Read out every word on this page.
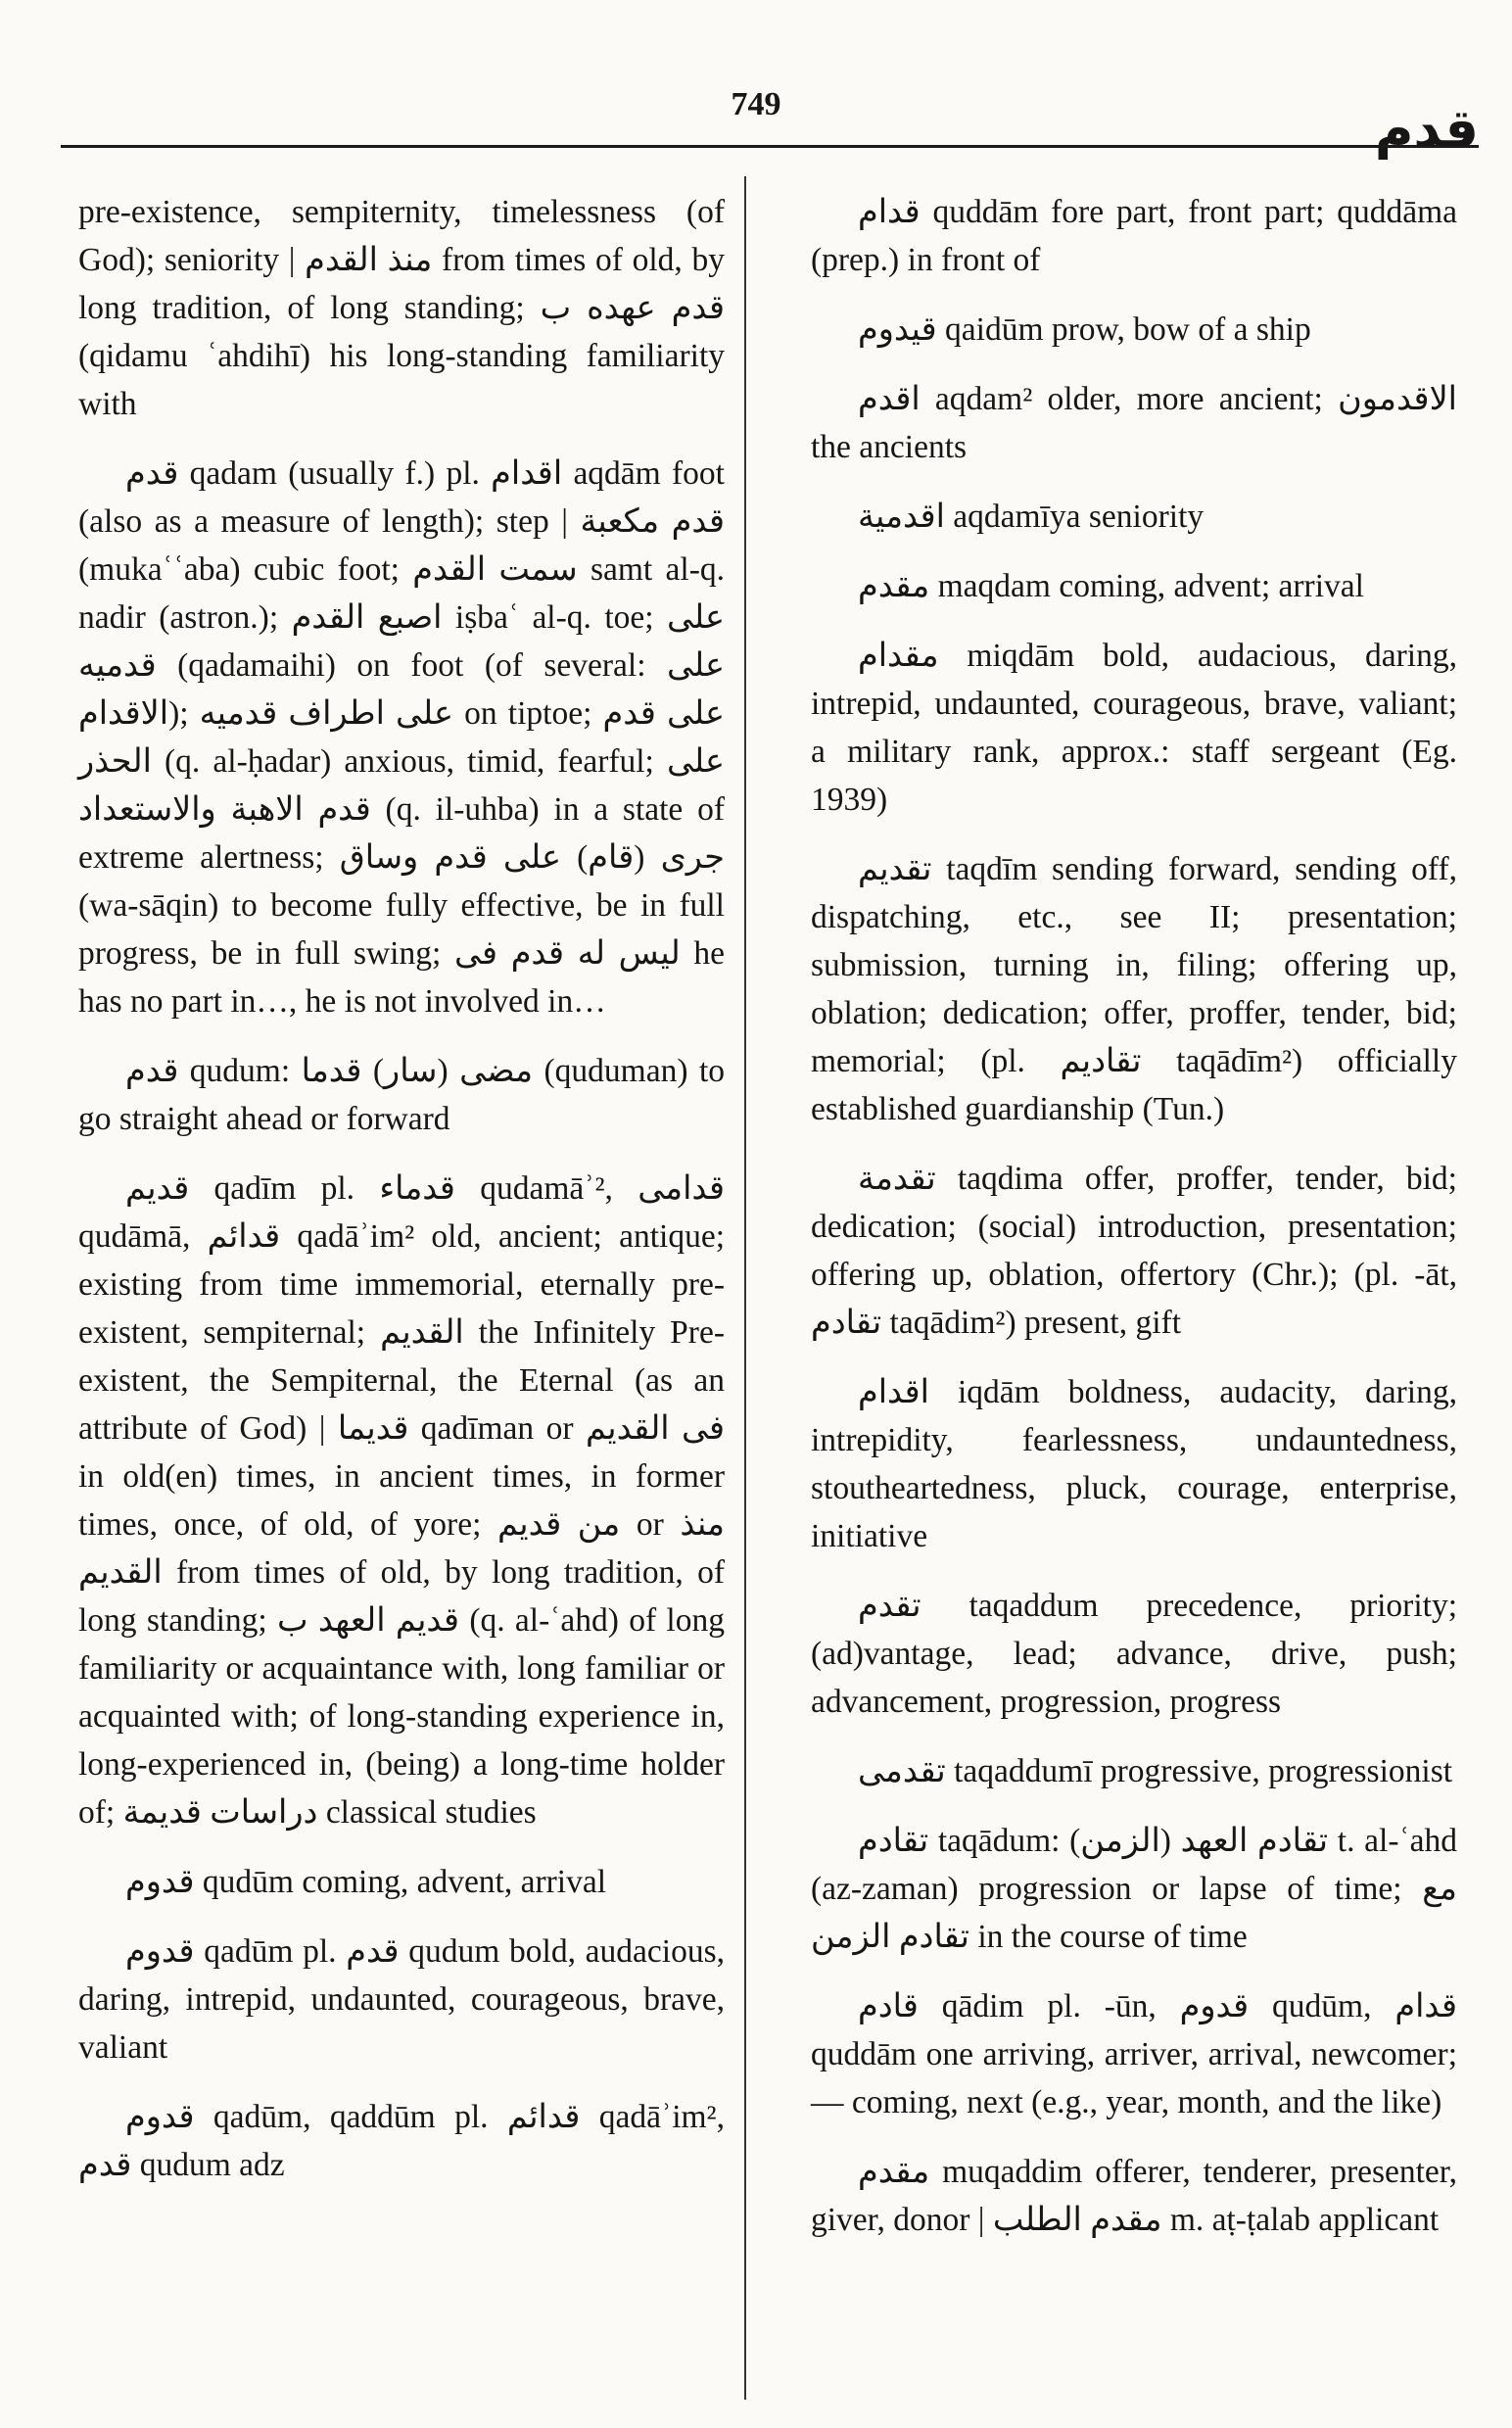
749	قدم

pre-existence, sempiternity, timelessness (of God); seniority | منذ القدم from times of old, by long tradition, of long standing; قدم عهده ب (qidamu ʿahdihī) his long-standing familiarity with

قدم qadam (usually f.) pl. اقدام aqdām foot (also as a measure of length); step | قدم مكعبة (mukaʿʿaba) cubic foot; سمت القدم samt al-q. nadir (astron.); اصبع القدم iṣbaʿ al-q. toe; على قدميه (qadamaihi) on foot (of several: على الاقدام); على اطراف قدميه on tiptoe; على قدم الحذر (q. al-ḥadar) anxious, timid, fearful; على قدم الاهبة والاستعداد (q. il-uhba) in a state of extreme alertness; جرى (قام) على قدم وساق (wa-sāqin) to become fully effective, be in full progress, be in full swing; ليس له قدم فى he has no part in…, he is not involved in…

قدم qudum: مضى (سار) قدما (quduman) to go straight ahead or forward

قديم qadīm pl. قدماء qudamāʾ², قدامى qudāmā, قدائم qadāʾim² old, ancient; antique; existing from time immemorial, eternally pre-existent, sempiternal; القديم the Infinitely Pre-existent, the Sempiternal, the Eternal (as an attribute of God) | قديما qadīman or فى القديم in old(en) times, in ancient times, in former times, once, of old, of yore; من قديم or منذ القديم from times of old, by long tradition, of long standing; قديم العهد ب (q. al-ʿahd) of long familiarity or acquaintance with, long familiar or acquainted with; of long-standing experience in, long-experienced in, (being) a long-time holder of; دراسات قديمة classical studies

قدوم qudūm coming, advent, arrival

قدوم qadūm pl. قدم qudum bold, audacious, daring, intrepid, undaunted, courageous, brave, valiant

قدوم qadūm, qaddūm pl. قدائم qadāʾim², قدم qudum adz

قدام quddām fore part, front part; quddāma (prep.) in front of

قيدوم qaidūm prow, bow of a ship

اقدم aqdam² older, more ancient; الاقدمون the ancients

اقدمية aqdamīya seniority

مقدم maqdam coming, advent; arrival

مقدام miqdām bold, audacious, daring, intrepid, undaunted, courageous, brave, valiant; a military rank, approx.: staff sergeant (Eg. 1939)

تقديم taqdīm sending forward, sending off, dispatching, etc., see II; presentation; submission, turning in, filing; offering up, oblation; dedication; offer, proffer, tender, bid; memorial; (pl. تقاديم taqādīm²) officially established guardianship (Tun.)

تقدمة taqdima offer, proffer, tender, bid; dedication; (social) introduction, presentation; offering up, oblation, offertory (Chr.); (pl. -āt, تقادم taqādim²) present, gift

اقدام iqdām boldness, audacity, daring, intrepidity, fearlessness, undauntedness, stoutheartedness, pluck, courage, enterprise, initiative

تقدم taqaddum precedence, priority; (ad)vantage, lead; advance, drive, push; advancement, progression, progress

تقدمى taqaddumī progressive, progressionist

تقادم taqādum: تقادم العهد (الزمن) t. al-ʿahd (az-zaman) progression or lapse of time; مع تقادم الزمن in the course of time

قادم qādim pl. -ūn, قدوم qudūm, قدام quddām one arriving, arriver, arrival, newcomer; — coming, next (e.g., year, month, and the like)

مقدم muqaddim offerer, tenderer, presenter, giver, donor | مقدم الطلب m. aṭ-ṭalab applicant
